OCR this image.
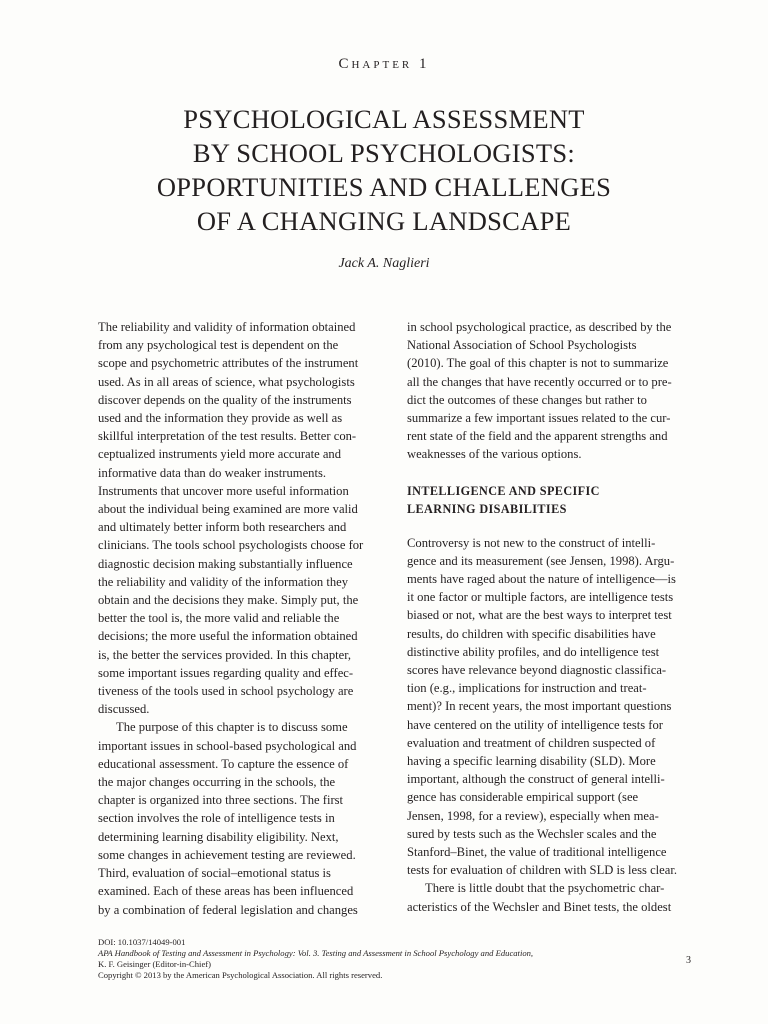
Chapter 1
PSYCHOLOGICAL ASSESSMENT
BY SCHOOL PSYCHOLOGISTS:
OPPORTUNITIES AND CHALLENGES
OF A CHANGING LANDSCAPE
Jack A. Naglieri
The reliability and validity of information obtained
from any psychological test is dependent on the
scope and psychometric attributes of the instrument
used. As in all areas of science, what psychologists
discover depends on the quality of the instruments
used and the information they provide as well as
skillful interpretation of the test results. Better con-
ceptualized instruments yield more accurate and
informative data than do weaker instruments.
Instruments that uncover more useful information
about the individual being examined are more valid
and ultimately better inform both researchers and
clinicians. The tools school psychologists choose for
diagnostic decision making substantially influence
the reliability and validity of the information they
obtain and the decisions they make. Simply put, the
better the tool is, the more valid and reliable the
decisions; the more useful the information obtained
is, the better the services provided. In this chapter,
some important issues regarding quality and effec-
tiveness of the tools used in school psychology are
discussed.
The purpose of this chapter is to discuss some
important issues in school-based psychological and
educational assessment. To capture the essence of
the major changes occurring in the schools, the
chapter is organized into three sections. The first
section involves the role of intelligence tests in
determining learning disability eligibility. Next,
some changes in achievement testing are reviewed.
Third, evaluation of social–emotional status is
examined. Each of these areas has been influenced
by a combination of federal legislation and changes
in school psychological practice, as described by the
National Association of School Psychologists
(2010). The goal of this chapter is not to summarize
all the changes that have recently occurred or to pre-
dict the outcomes of these changes but rather to
summarize a few important issues related to the cur-
rent state of the field and the apparent strengths and
weaknesses of the various options.
INTELLIGENCE AND SPECIFIC
LEARNING DISABILITIES
Controversy is not new to the construct of intelli-
gence and its measurement (see Jensen, 1998). Argu-
ments have raged about the nature of intelligence—is
it one factor or multiple factors, are intelligence tests
biased or not, what are the best ways to interpret test
results, do children with specific disabilities have
distinctive ability profiles, and do intelligence test
scores have relevance beyond diagnostic classifica-
tion (e.g., implications for instruction and treat-
ment)? In recent years, the most important questions
have centered on the utility of intelligence tests for
evaluation and treatment of children suspected of
having a specific learning disability (SLD). More
important, although the construct of general intelli-
gence has considerable empirical support (see
Jensen, 1998, for a review), especially when mea-
sured by tests such as the Wechsler scales and the
Stanford–Binet, the value of traditional intelligence
tests for evaluation of children with SLD is less clear.
There is little doubt that the psychometric char-
acteristics of the Wechsler and Binet tests, the oldest
DOI: 10.1037/14049-001
APA Handbook of Testing and Assessment in Psychology: Vol. 3. Testing and Assessment in School Psychology and Education,
K. F. Geisinger (Editor-in-Chief)
Copyright © 2013 by the American Psychological Association. All rights reserved.
3
